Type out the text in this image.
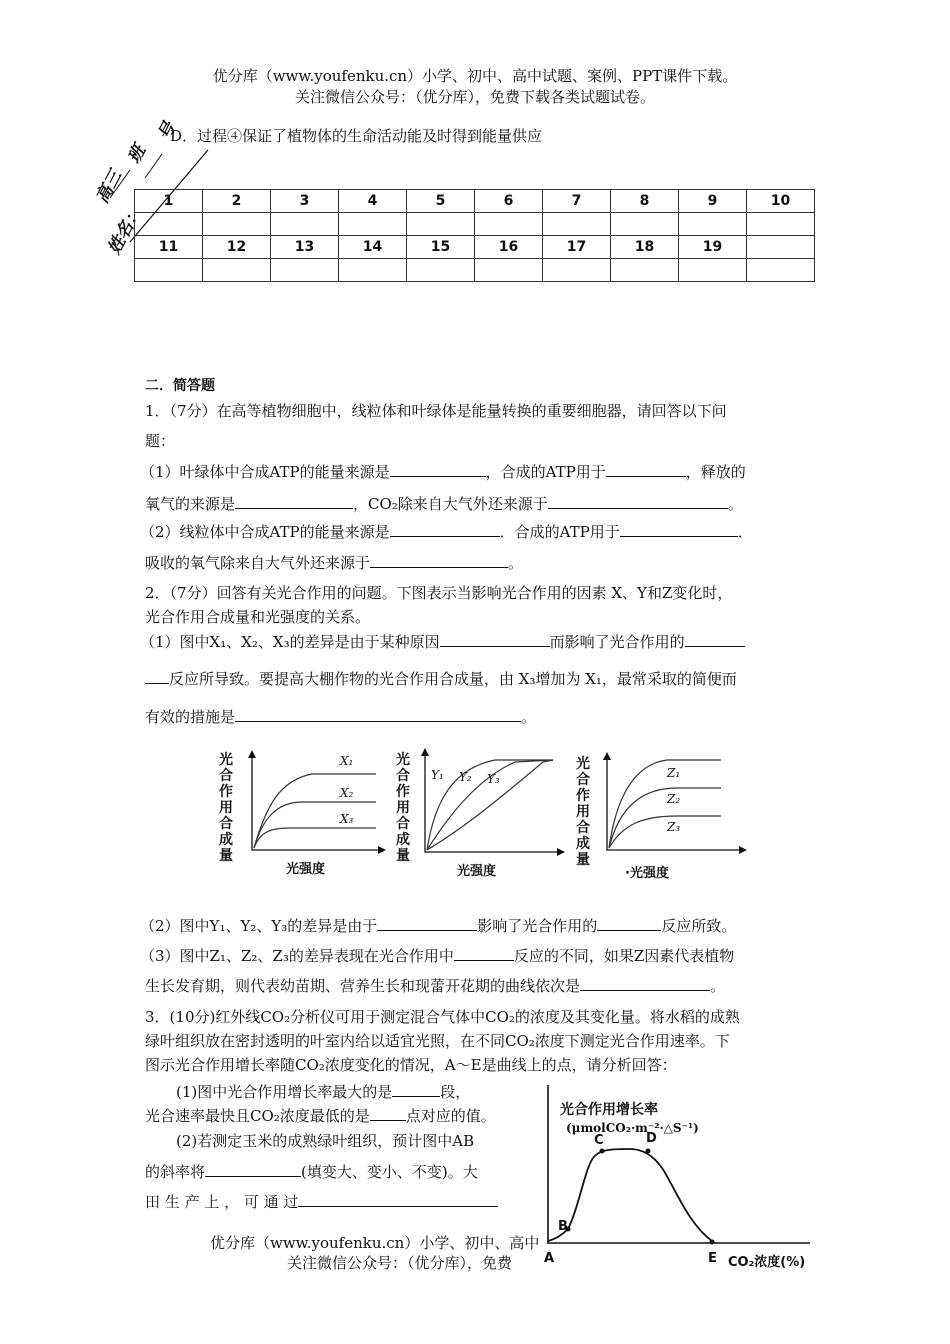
优分库（www.youfenku.cn）小学、初中、高中试题、案例、PPT课件下载。
关注微信公众号：（优分库），免费下载各类试题试卷。
高三
班
号
姓名：
D．过程④保证了植物体的生命活动能及时得到能量供应
1	2	3	4	5	6	7	8	9	10

11	12	13	14	15	16	17	18	19	

二．简答题
1．（7分）在高等植物细胞中，线粒体和叶绿体是能量转换的重要细胞器，请回答以下问
题：
（1）叶绿体中合成ATP的能量来源是	，合成的ATP用于	，释放的
氧气的来源是	，CO₂除来自大气外还来源于	。
（2）线粒体中合成ATP的能量来源是	．合成的ATP用于	．
吸收的氧气除来自大气外还来源于	。
2．（7分）回答有关光合作用的问题。下图表示当影响光合作用的因素 X、Y和Z变化时，
光合作用合成量和光强度的关系。
（1）图中X₁、X₂、X₃的差异是由于某种原因	而影响了光合作用的
反应所导致。要提高大棚作物的光合作用合成量，由 X₃增加为 X₁，最常采取的简便而
有效的措施是	。
光合作用合成量
X₁
X₂
X₃
光强度
光合作用合成量
Y₁ Y₂ Y₃
光强度
光合作用合成量
Z₁
Z₂
Z₃
·光强度
（2）图中Y₁、Y₂、Y₃的差异是由于	影响了光合作用的	反应所致。
（3）图中Z₁、Z₂、Z₃的差异表现在光合作用中	反应的不同，如果Z因素代表植物
生长发育期，则代表幼苗期、营养生长和现蕾开花期的曲线依次是	。
3．(10分)红外线CO₂分析仪可用于测定混合气体中CO₂的浓度及其变化量。将水稻的成熟
绿叶组织放在密封透明的叶室内给以适宜光照，在不同CO₂浓度下测定光合作用速率。下
图示光合作用增长率随CO₂浓度变化的情况，A～E是曲线上的点，请分析回答：
(1)图中光合作用增长率最大的是	段，
光合速率最快且CO₂浓度最低的是 点对应的值。
(2)若测定玉米的成熟绿叶组织，预计图中AB
的斜率将	(填变大、变小、不变)。大
田 生 产 上 ， 可 通 过
光合作用增长率
(μmolCO₂·m⁻²·△S⁻¹)
B
C	D
A	E CO₂浓度(%)
优分库（www.youfenku.cn）小学、初中、高中
关注微信公众号：（优分库），免费
